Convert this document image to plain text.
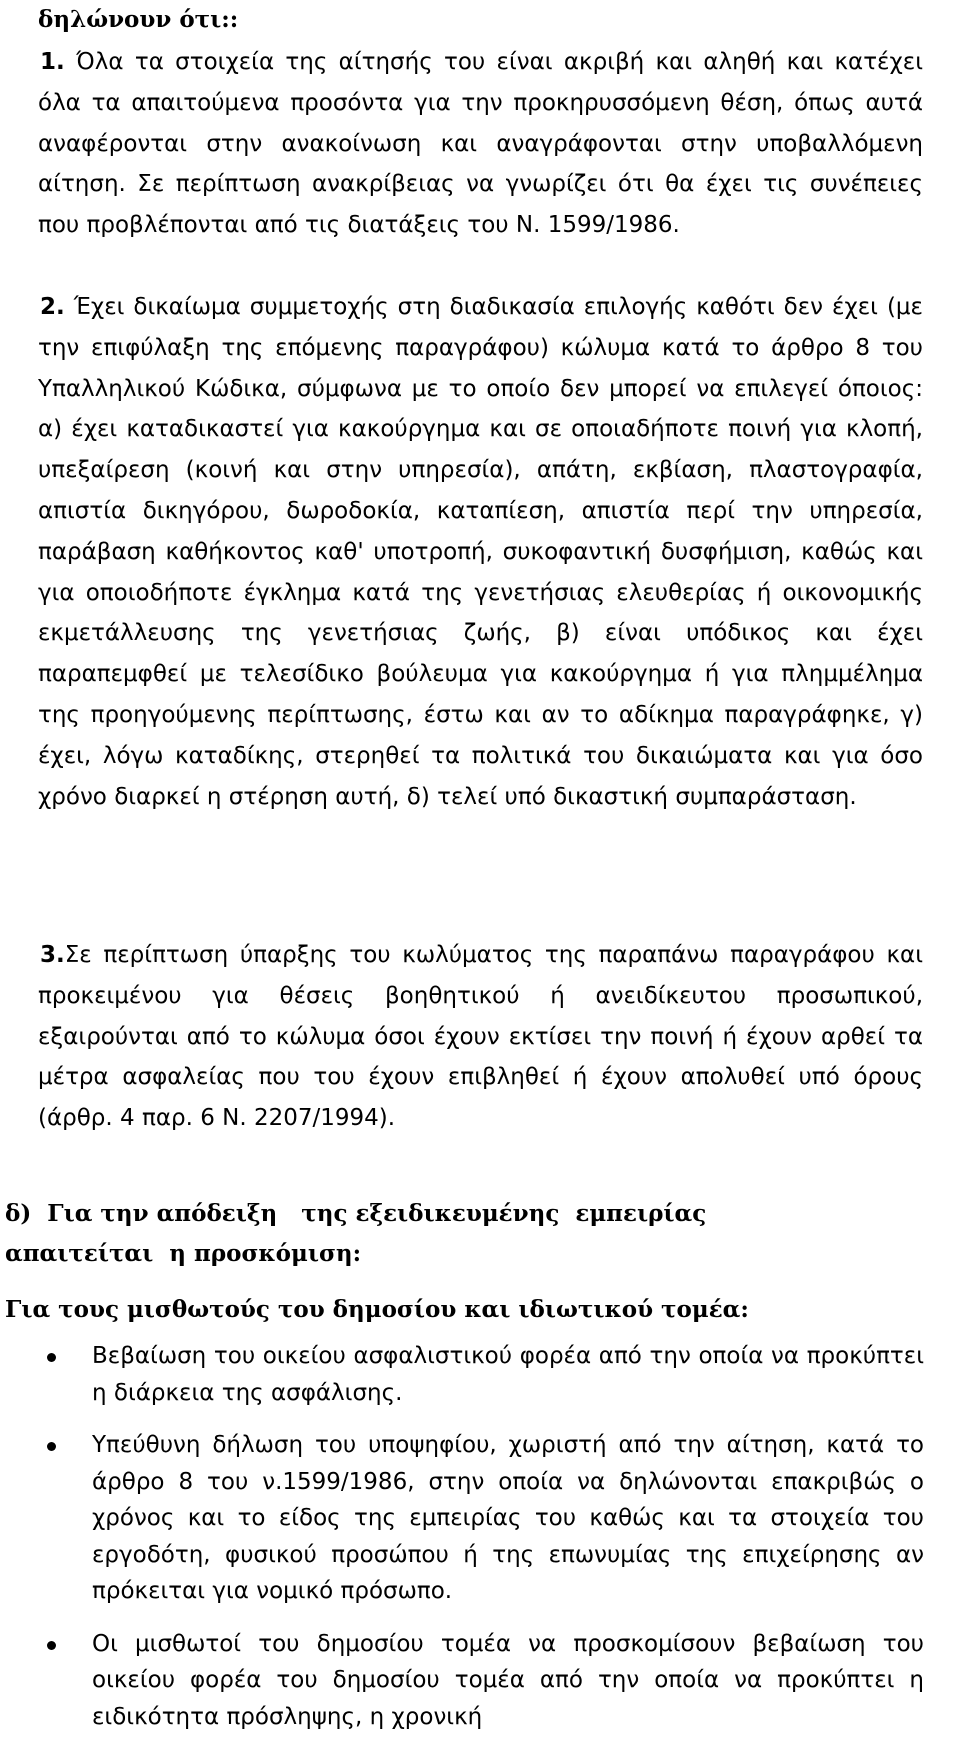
δηλώνουν ότι::
1. Όλα τα στοιχεία της αίτησής του είναι ακριβή και αληθή και κατέχει όλα τα απαιτούμενα προσόντα για την προκηρυσσόμενη θέση, όπως αυτά αναφέρονται στην ανακοίνωση και αναγράφονται στην υποβαλλόμενη αίτηση. Σε περίπτωση ανακρίβειας να γνωρίζει ότι θα έχει τις συνέπειες που προβλέπονται από τις διατάξεις του Ν. 1599/1986.
2. Έχει δικαίωμα συμμετοχής στη διαδικασία επιλογής καθότι δεν έχει (με την επιφύλαξη της επόμενης παραγράφου) κώλυμα κατά το άρθρο 8 του Υπαλληλικού Κώδικα, σύμφωνα με το οποίο δεν μπορεί να επιλεγεί όποιος: α) έχει καταδικαστεί για κακούργημα και σε οποιαδήποτε ποινή για κλοπή, υπεξαίρεση (κοινή και στην υπηρεσία), απάτη, εκβίαση, πλαστογραφία, απιστία δικηγόρου, δωροδοκία, καταπίεση, απιστία περί την υπηρεσία, παράβαση καθήκοντος καθ' υποτροπή, συκοφαντική δυσφήμιση, καθώς και για οποιοδήποτε έγκλημα κατά της γενετήσιας ελευθερίας ή οικονομικής εκμετάλλευσης της γενετήσιας ζωής, β) είναι υπόδικος και έχει παραπεμφθεί με τελεσίδικο βούλευμα για κακούργημα ή για πλημμέλημα της προηγούμενης περίπτωσης, έστω και αν το αδίκημα παραγράφηκε, γ) έχει, λόγω καταδίκης, στερηθεί τα πολιτικά του δικαιώματα και για όσο χρόνο διαρκεί η στέρηση αυτή, δ) τελεί υπό δικαστική συμπαράσταση.
3.Σε περίπτωση ύπαρξης του κωλύματος της παραπάνω παραγράφου και προκειμένου για θέσεις βοηθητικού ή ανειδίκευτου προσωπικού, εξαιρούνται από το κώλυμα όσοι έχουν εκτίσει την ποινή ή έχουν αρθεί τα μέτρα ασφαλείας που του έχουν επιβληθεί ή έχουν απολυθεί υπό όρους (άρθρ. 4 παρ. 6 Ν. 2207/1994).
δ)  Για την απόδειξη   της εξειδικευμένης  εμπειρίας
απαιτείται  η προσκόμιση:
Για τους μισθωτούς του δημοσίου και ιδιωτικού τομέα:
Βεβαίωση του οικείου ασφαλιστικού φορέα από την οποία να προκύπτει η διάρκεια της ασφάλισης.
Υπεύθυνη δήλωση του υποψηφίου, χωριστή από την αίτηση, κατά το άρθρο 8 του ν.1599/1986, στην οποία να δηλώνονται επακριβώς ο χρόνος και το είδος της εμπειρίας του καθώς και τα στοιχεία του εργοδότη, φυσικού προσώπου ή της επωνυμίας της επιχείρησης αν πρόκειται για νομικό πρόσωπο.
Οι μισθωτοί του δημοσίου τομέα να προσκομίσουν βεβαίωση του οικείου φορέα του δημοσίου τομέα από την οποία να προκύπτει η ειδικότητα πρόσληψης, η χρονική
